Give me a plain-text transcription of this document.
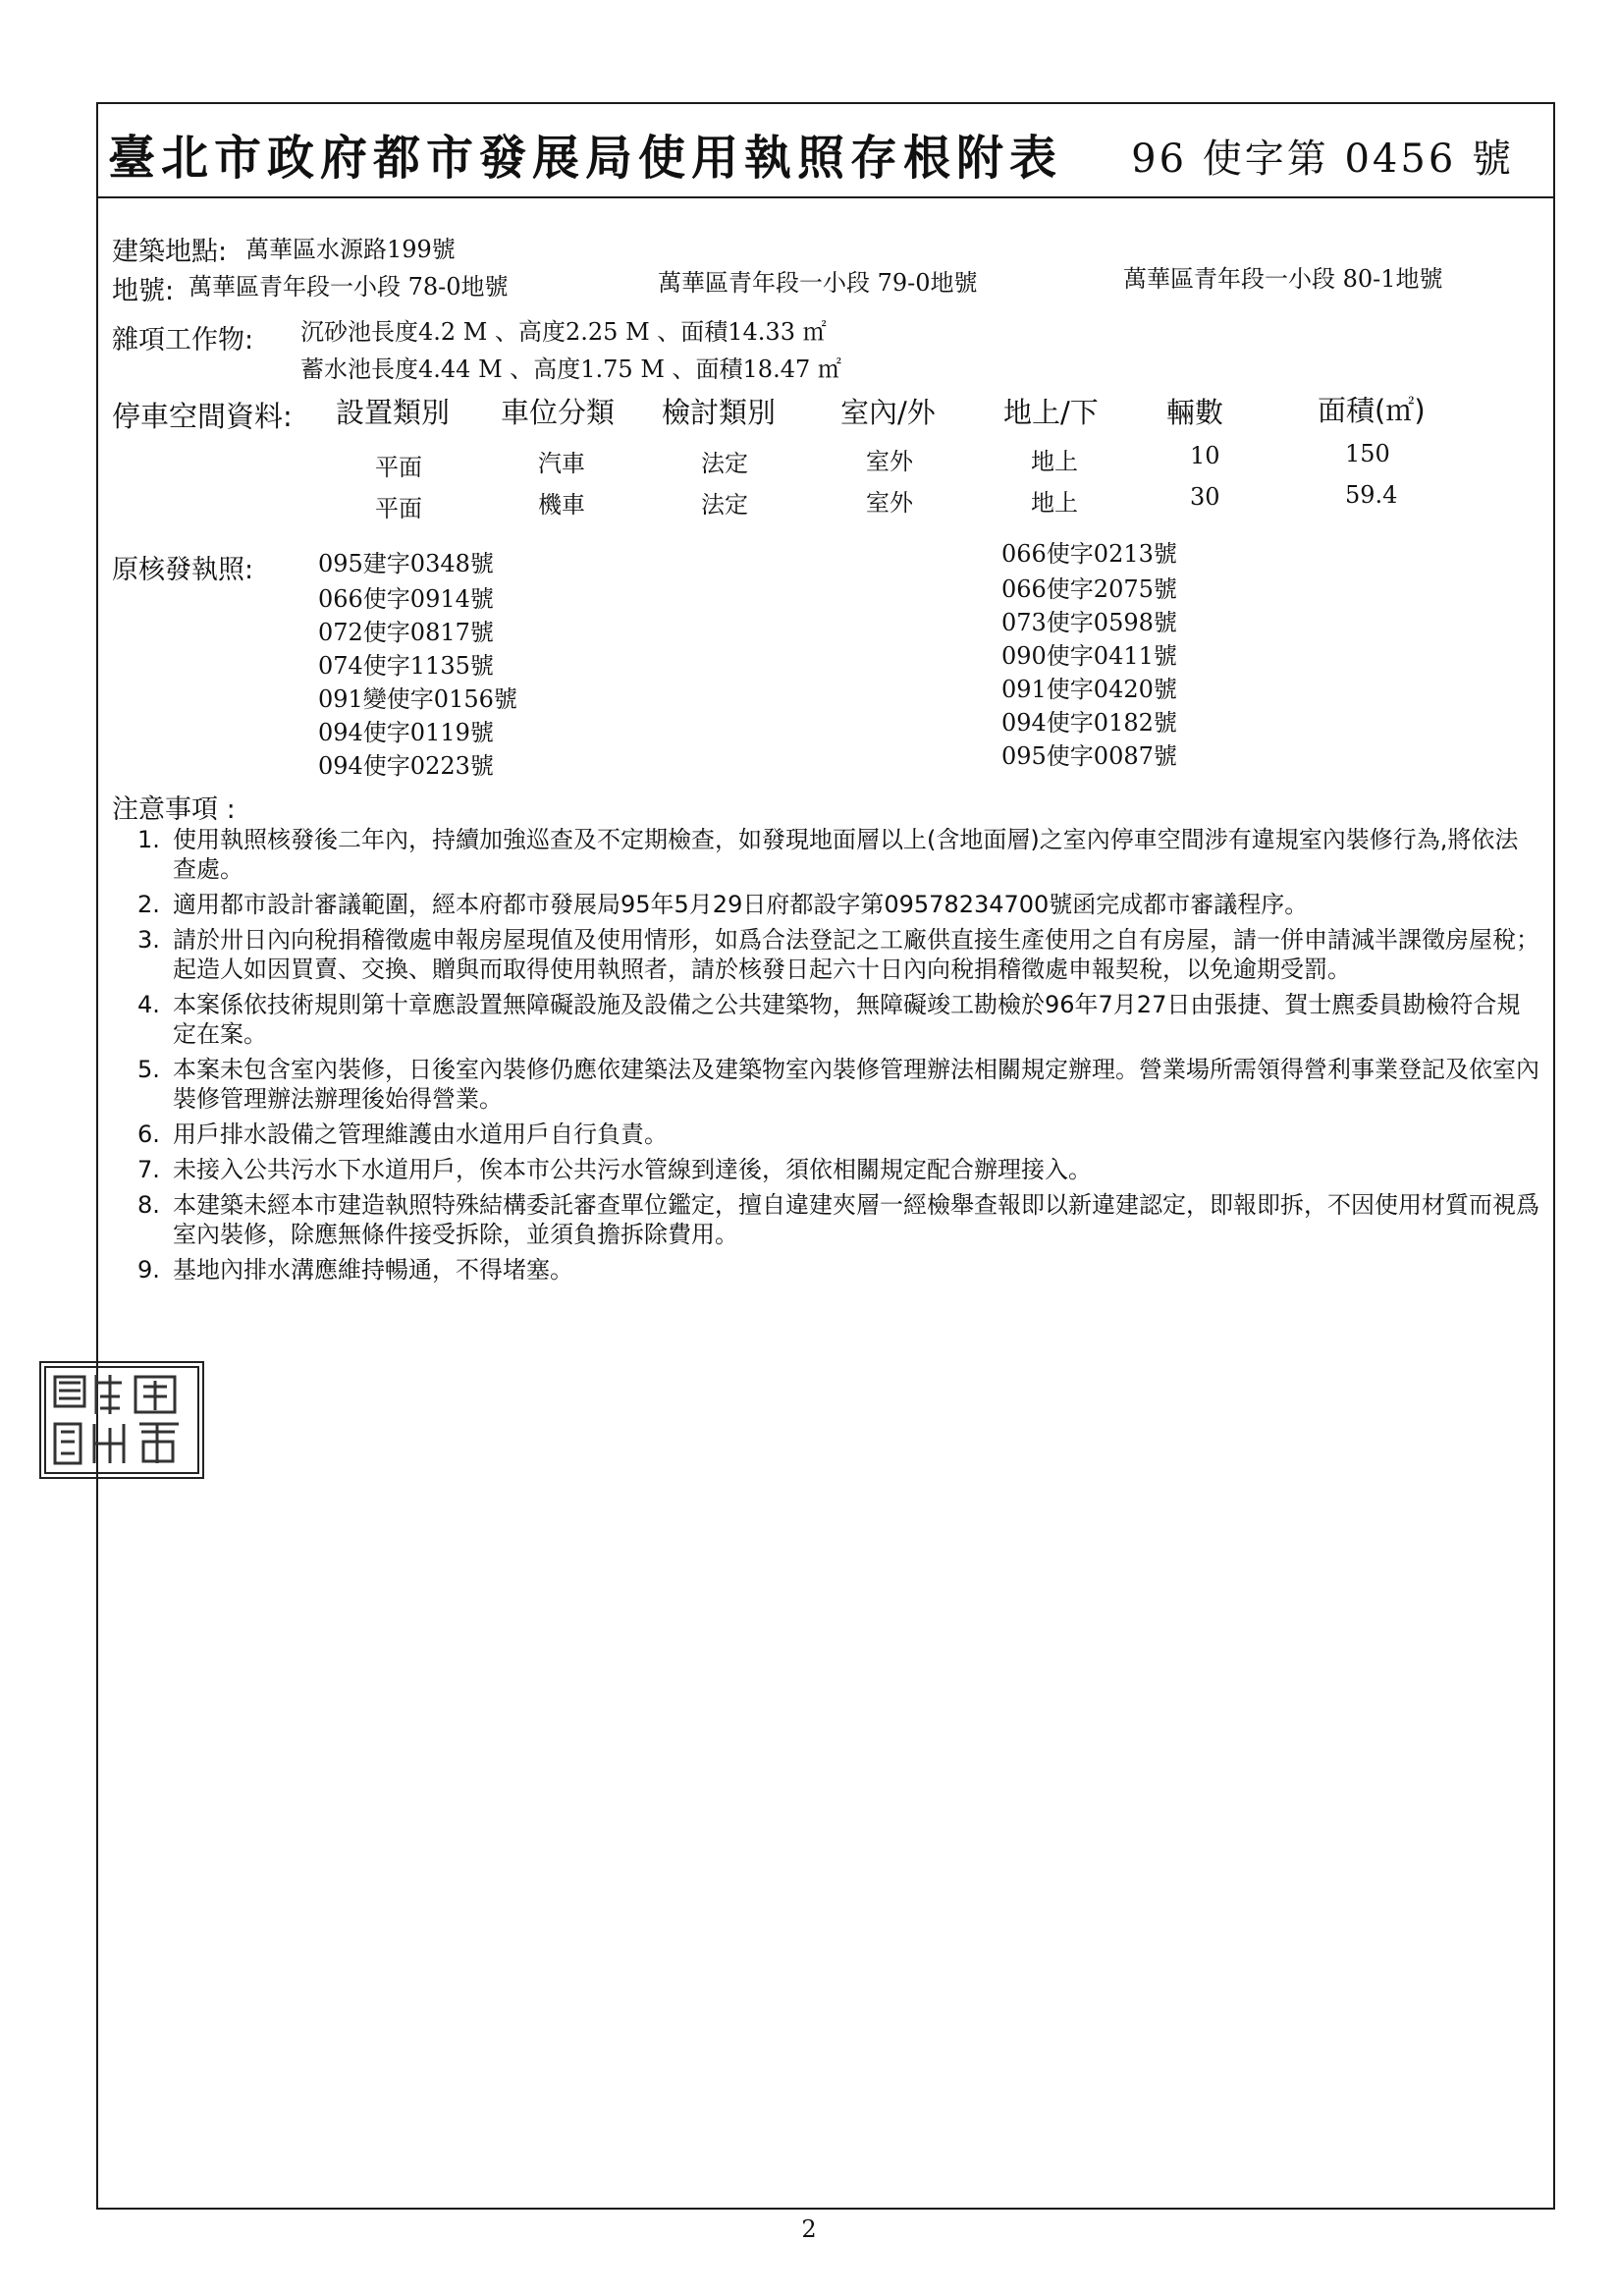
臺北市政府都市發展局使用執照存根附表 96 使字第 0456 號
建築地點: 萬華區水源路199號
地號: 萬華區青年段一小段 78-0地號	萬華區青年段一小段 79-0地號	萬華區青年段一小段 80-1地號
雜項工作物: 沉砂池長度4.2 M 、高度2.25 M 、面積14.33 ㎡
蓄水池長度4.44 M 、高度1.75 M 、面積18.47 ㎡
停車空間資料: 設置類別 車位分類 檢討類別 室內/外 地上/下 輛數	面積(㎡)
平面	汽車	法定	室外	地上	10	150
平面	機車	法定	室外	地上	30	59.4
原核發執照:	095建字0348號
066使字0914號
072使字0817號
074使字1135號
091變使字0156號
094使字0119號
094使字0223號
066使字0213號
066使字2075號
073使字0598號
090使字0411號
091使字0420號
094使字0182號
095使字0087號
注意事項 :
1. 使用執照核發後二年內，持續加強巡查及不定期檢查，如發現地面層以上(含地面層)之室內停車空間涉有違規室內裝修行為,將依法查處。
2. 適用都市設計審議範圍，經本府都市發展局95年5月29日府都設字第09578234700號函完成都市審議程序。
3. 請於卅日內向稅捐稽徵處申報房屋現值及使用情形，如爲合法登記之工廠供直接生產使用之自有房屋，請一併申請減半課徵房屋稅；起造人如因買賣、交換、贈與而取得使用執照者，請於核發日起六十日內向稅捐稽徵處申報契稅，以免逾期受罰。
4. 本案係依技術規則第十章應設置無障礙設施及設備之公共建築物，無障礙竣工勘檢於96年7月27日由張捷、賀士麃委員勘檢符合規定在案。
5. 本案未包含室內裝修，日後室內裝修仍應依建築法及建築物室內裝修管理辦法相關規定辦理。營業場所需領得營利事業登記及依室內裝修管理辦法辦理後始得營業。
6. 用戶排水設備之管理維護由水道用戶自行負責。
7. 未接入公共污水下水道用戶，俟本市公共污水管線到達後，須依相關規定配合辦理接入。
8. 本建築未經本市建造執照特殊結構委託審查單位鑑定，擅自違建夾層一經檢舉查報即以新違建認定，即報即拆，不因使用材質而視爲室內裝修，除應無條件接受拆除，並須負擔拆除費用。
9. 基地內排水溝應維持暢通，不得堵塞。
2
